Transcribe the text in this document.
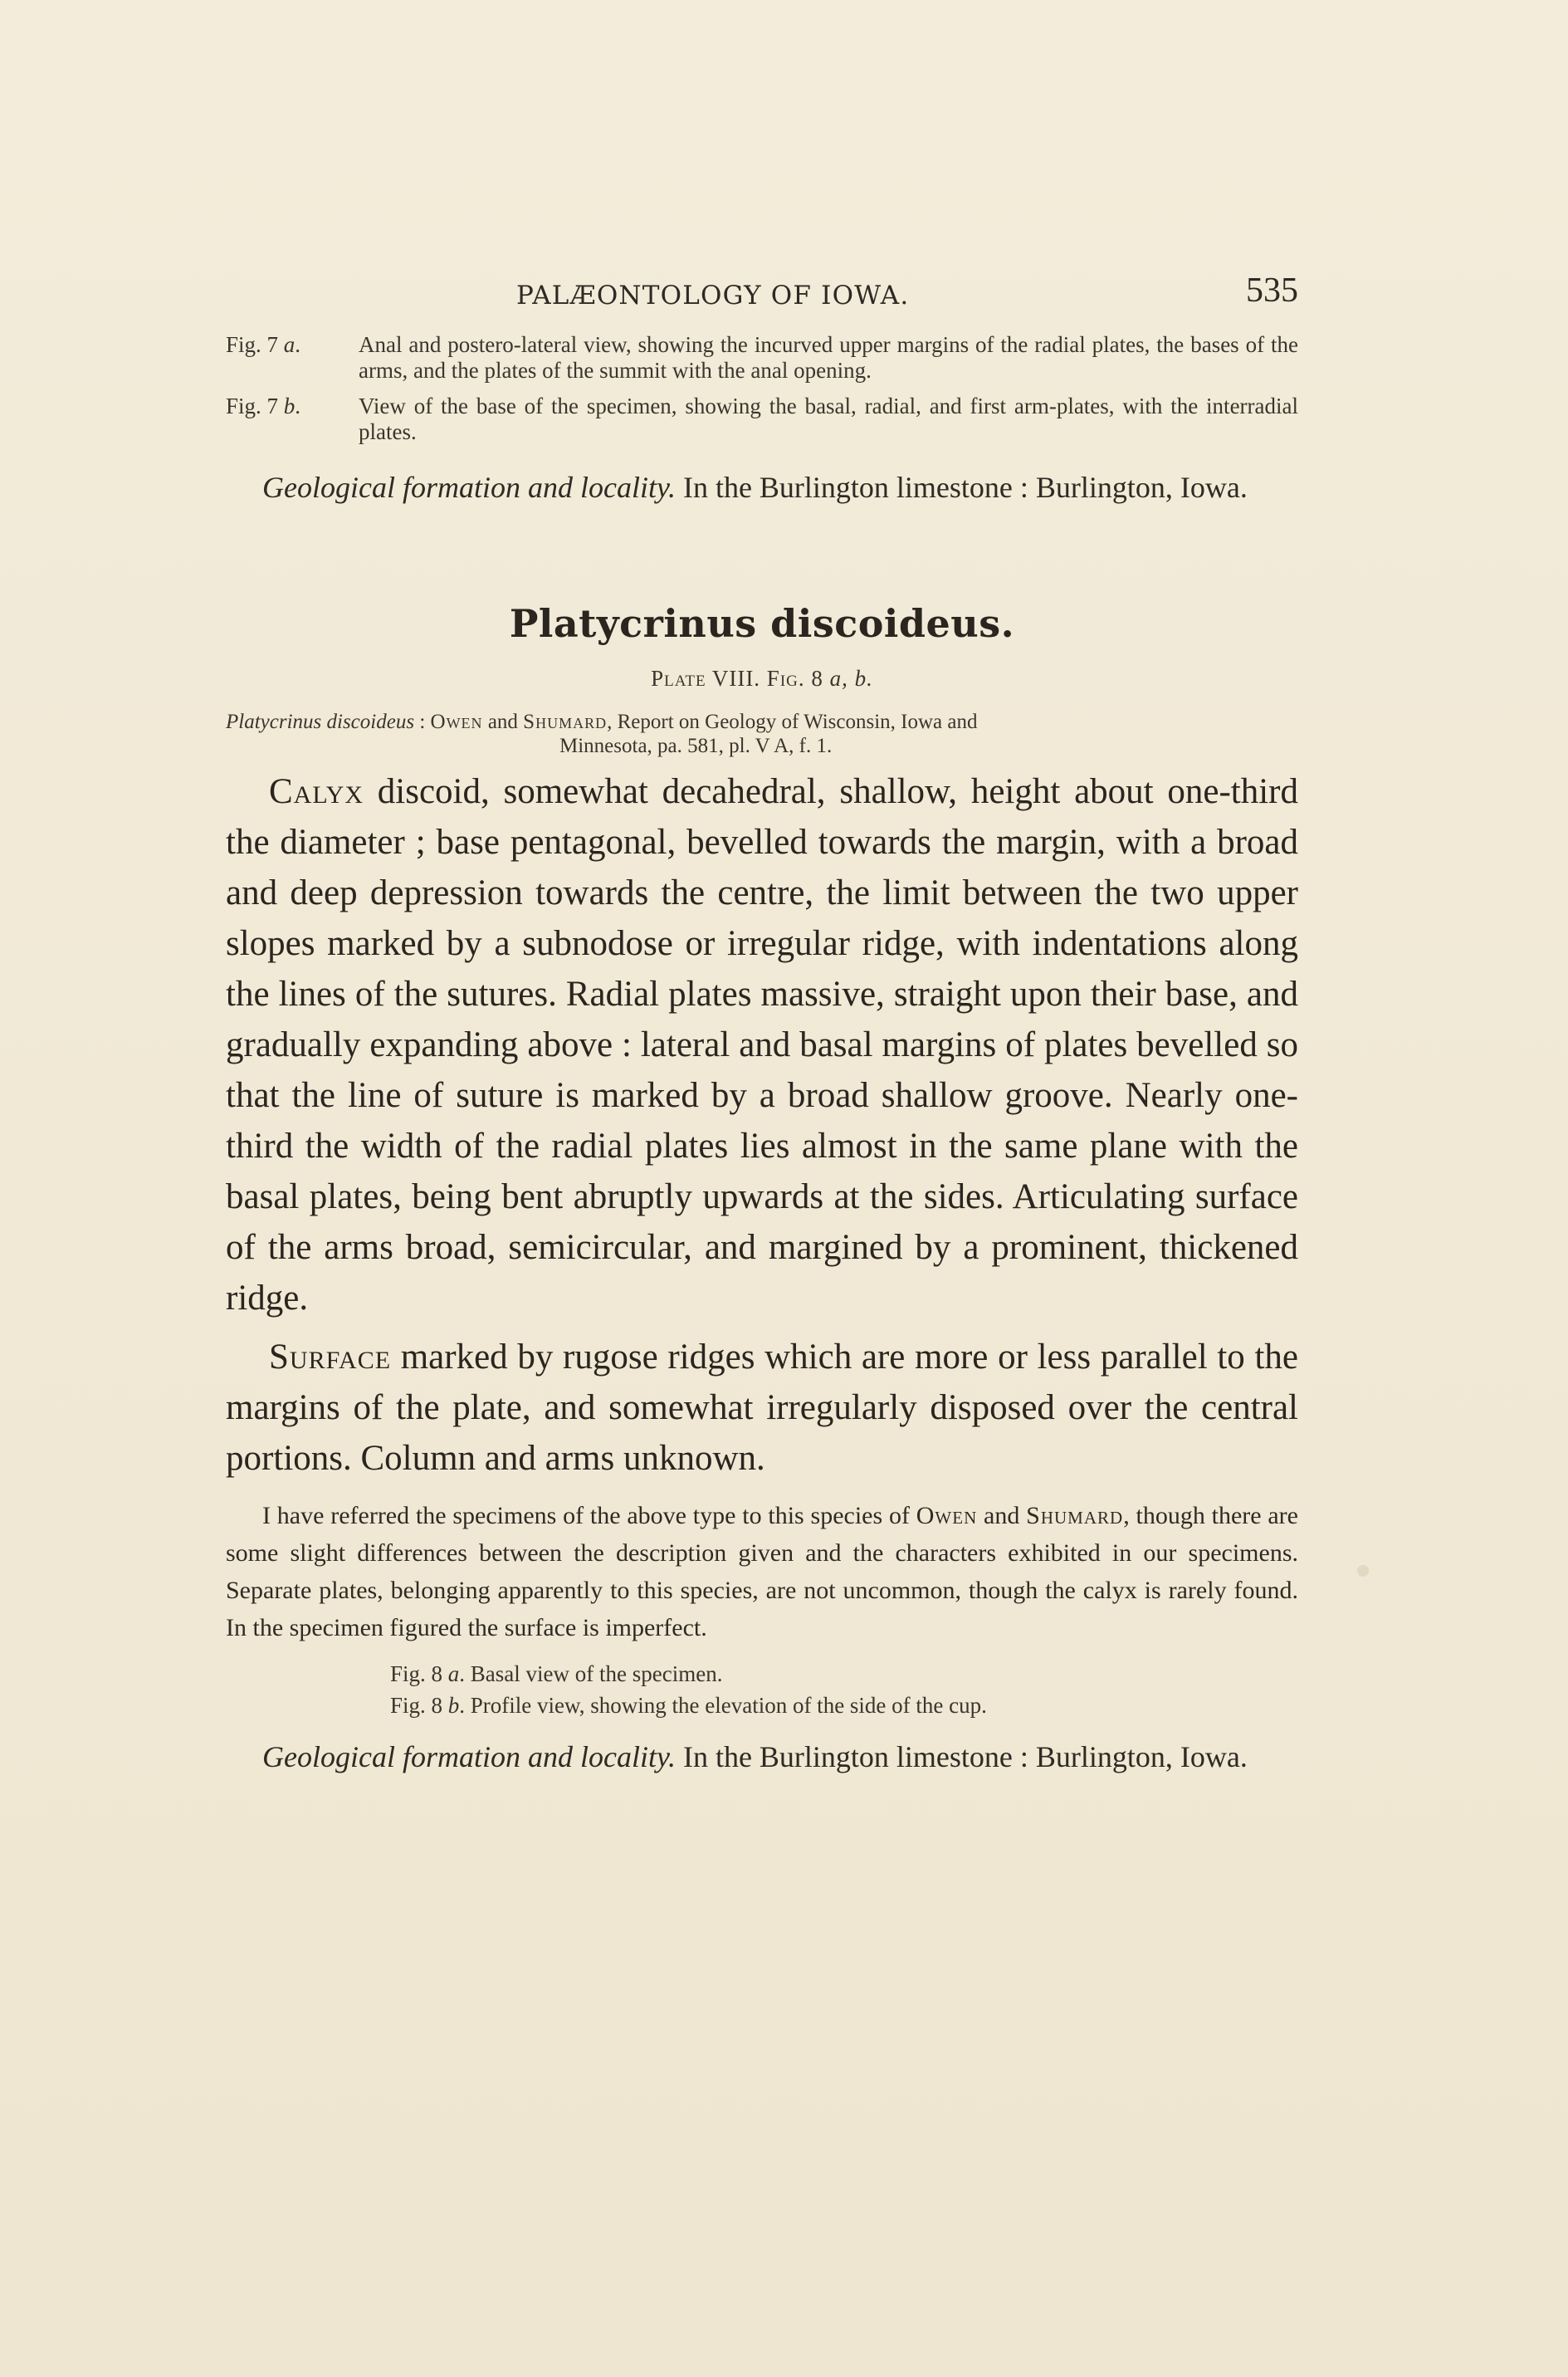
PALÆONTOLOGY OF IOWA.	535

Fig. 7 a.	Anal and postero-lateral view, showing the incurved upper margins of the radial plates, the bases of the arms, and the plates of the summit with the anal opening.

Fig. 7 b.	View of the base of the specimen, showing the basal, radial, and first arm-plates, with the interradial plates.

Geological formation and locality. In the Burlington limestone : Burlington, Iowa.

Platycrinus discoideus.

Plate VIII. Fig. 8 a, b.

Platycrinus discoideus : Owen and Shumard, Report on Geology of Wisconsin, Iowa and
Minnesota, pa. 581, pl. V A, f. 1.

Calyx discoid, somewhat decahedral, shallow, height about one-third the diameter ; base pentagonal, bevelled towards the margin, with a broad and deep depression towards the centre, the limit between the two upper slopes marked by a subnodose or irregular ridge, with indentations along the lines of the sutures. Radial plates massive, straight upon their base, and gradually expanding above : lateral and basal margins of plates bevelled so that the line of suture is marked by a broad shallow groove. Nearly one-third the width of the radial plates lies almost in the same plane with the basal plates, being bent abruptly upwards at the sides. Articulating surface of the arms broad, semicircular, and margined by a prominent, thickened ridge.

Surface marked by rugose ridges which are more or less parallel to the margins of the plate, and somewhat irregularly disposed over the central portions. Column and arms unknown.

I have referred the specimens of the above type to this species of Owen and Shumard, though there are some slight differences between the description given and the characters exhibited in our specimens. Separate plates, belonging apparently to this species, are not uncommon, though the calyx is rarely found. In the specimen figured the surface is imperfect.

Fig. 8 a. Basal view of the specimen.
Fig. 8 b. Profile view, showing the elevation of the side of the cup.

Geological formation and locality. In the Burlington limestone : Burlington, Iowa.
